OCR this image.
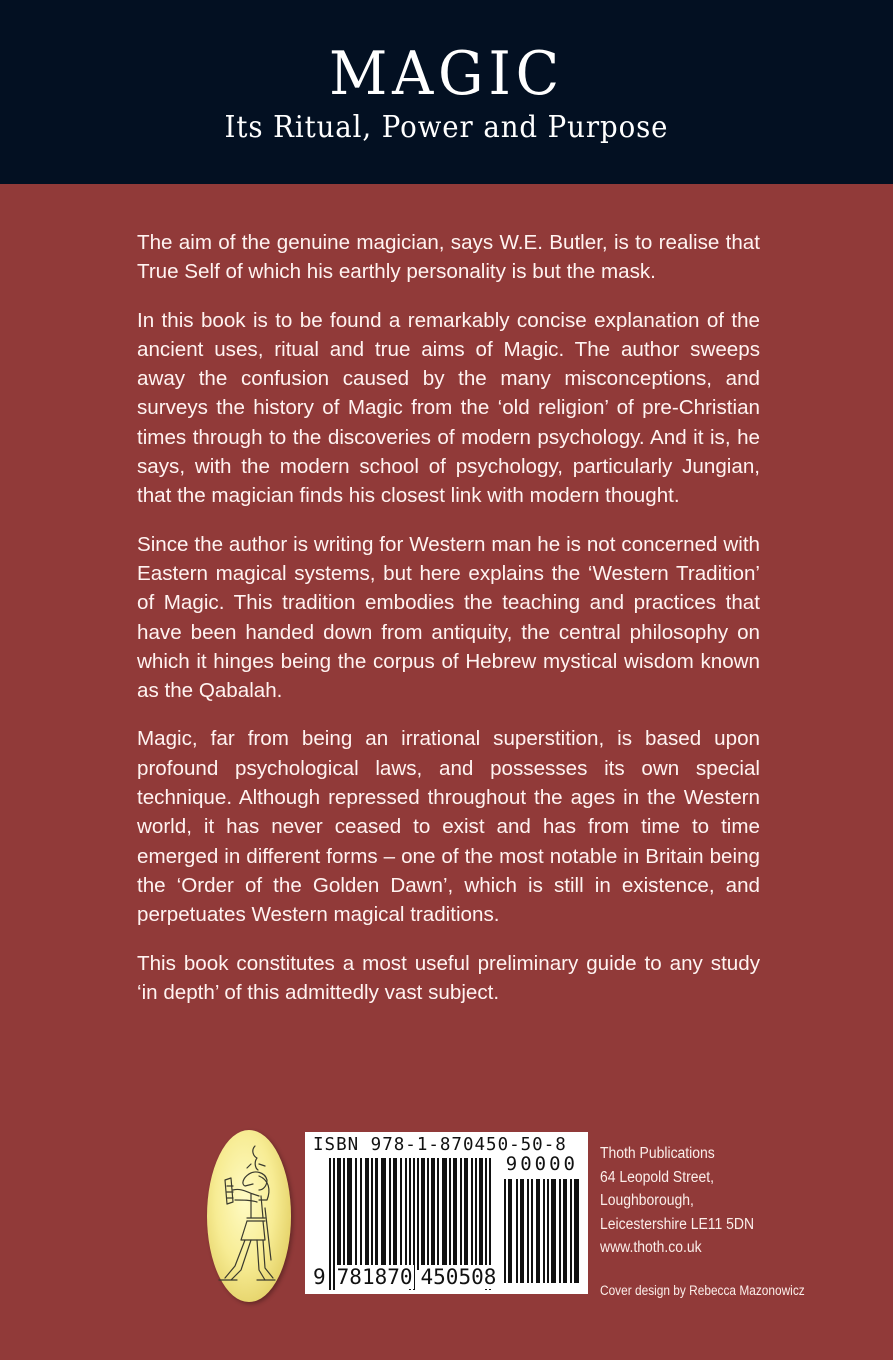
MAGIC
Its Ritual, Power and Purpose

The aim of the genuine magician, says W.E. Butler, is to realise that True Self of which his earthly personality is but the mask.

In this book is to be found a remarkably concise explanation of the ancient uses, ritual and true aims of Magic. The author sweeps away the confusion caused by the many misconceptions, and surveys the history of Magic from the ‘old religion’ of pre-Christian times through to the discoveries of modern psychology. And it is, he says, with the modern school of psychology, particularly Jungian, that the magician finds his closest link with modern thought.

Since the author is writing for Western man he is not concerned with Eastern magical systems, but here explains the ‘Western Tradition’ of Magic. This tradition embodies the teaching and practices that have been handed down from antiquity, the central philosophy on which it hinges being the corpus of Hebrew mystical wisdom known as the Qabalah.

Magic, far from being an irrational superstition, is based upon profound psychological laws, and possesses its own special technique. Although repressed throughout the ages in the Western world, it has never ceased to exist and has from time to time emerged in different forms – one of the most notable in Britain being the ‘Order of the Golden Dawn’, which is still in existence, and perpetuates Western magical traditions.

This book constitutes a most useful preliminary guide to any study ‘in depth’ of this admittedly vast subject.

ISBN 978-1-870450-50-8
90000
9 781870 450508
Thoth Publications
64 Leopold Street,
Loughborough,
Leicestershire LE11 5DN
www.thoth.co.uk
Cover design by Rebecca Mazonowicz
